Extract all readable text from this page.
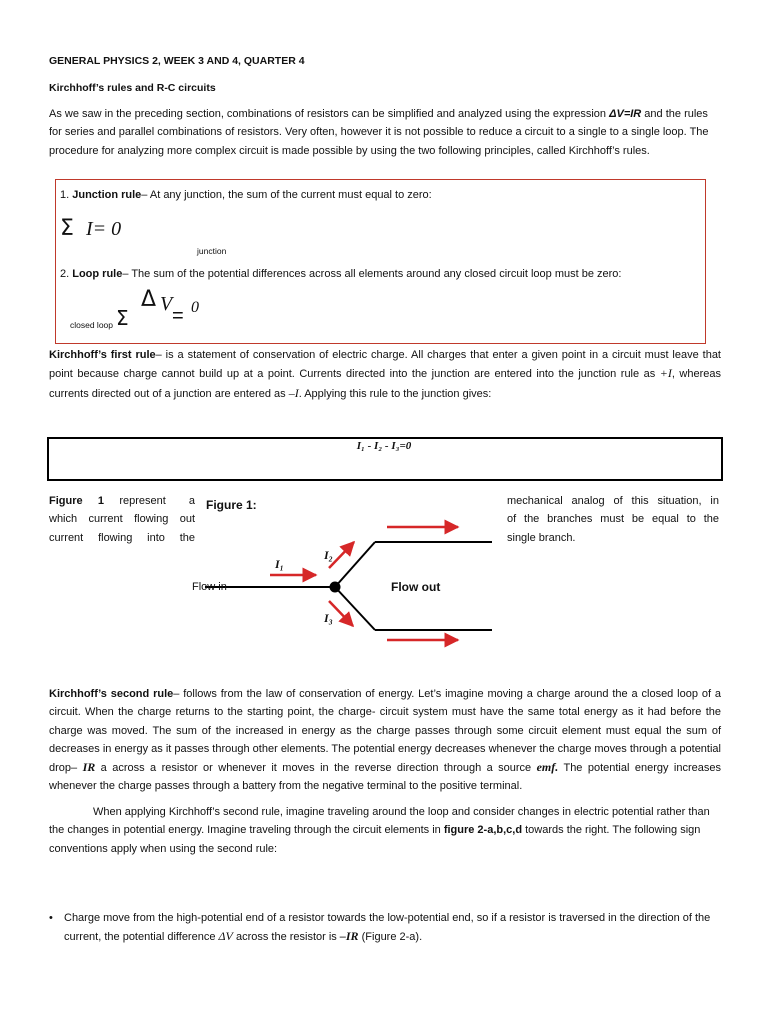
GENERAL PHYSICS 2, WEEK 3 AND 4, QUARTER 4
Kirchhoff’s rules and R-C circuits
As we saw in the preceding section, combinations of resistors can be simplified and analyzed using the expression ΔV=IR and the rules for series and parallel combinations of resistors. Very often, however it is not possible to reduce a circuit to a single to a single loop. The procedure for analyzing more complex circuit is made possible by using the two following principles, called Kirchhoff’s rules.
1. Junction rule– At any junction, the sum of the current must equal to zero:
Σ I= 0
junction
2. Loop rule– The sum of the potential differences across all elements around any closed circuit loop must be zero:
closed loop Σ
Δ V
= 0
Kirchhoff’s first rule– is a statement of conservation of electric charge. All charges that enter a given point in a circuit must leave that point because charge cannot build up at a point. Currents directed into the junction are entered into the junction rule as +I, whereas currents directed out of a junction are entered as –I. Applying this rule to the junction gives:
I₁ - I₂ - I₃=0
Figure 1 represent a
which current flowing out
current flowing into the
Figure 1:	mechanical analog of this situation, in
of the branches must be equal to the
single branch.
I₁
I₂
I₃
Flow in	Flow out
Kirchhoff’s second rule– follows from the law of conservation of energy. Let’s imagine moving a charge around the a closed loop of a circuit. When the charge returns to the starting point, the charge- circuit system must have the same total energy as it had before the charge was moved. The sum of the increased in energy as the charge passes through some circuit element must equal the sum of decreases in energy as it passes through other elements. The potential energy decreases whenever the charge moves through a potential drop– IR a across a resistor or whenever it moves in the reverse direction through a source emf. The potential energy increases whenever the charge passes through a battery from the negative terminal to the positive terminal.
When applying Kirchhoff’s second rule, imagine traveling around the loop and consider changes in electric potential rather than the changes in potential energy. Imagine traveling through the circuit elements in figure 2-a,b,c,d towards the right. The following sign conventions apply when using the second rule:
• Charge move from the high-potential end of a resistor towards the low-potential end, so if a resistor is traversed in the direction of the current, the potential difference ΔV across the resistor is –IR (Figure 2-a).
